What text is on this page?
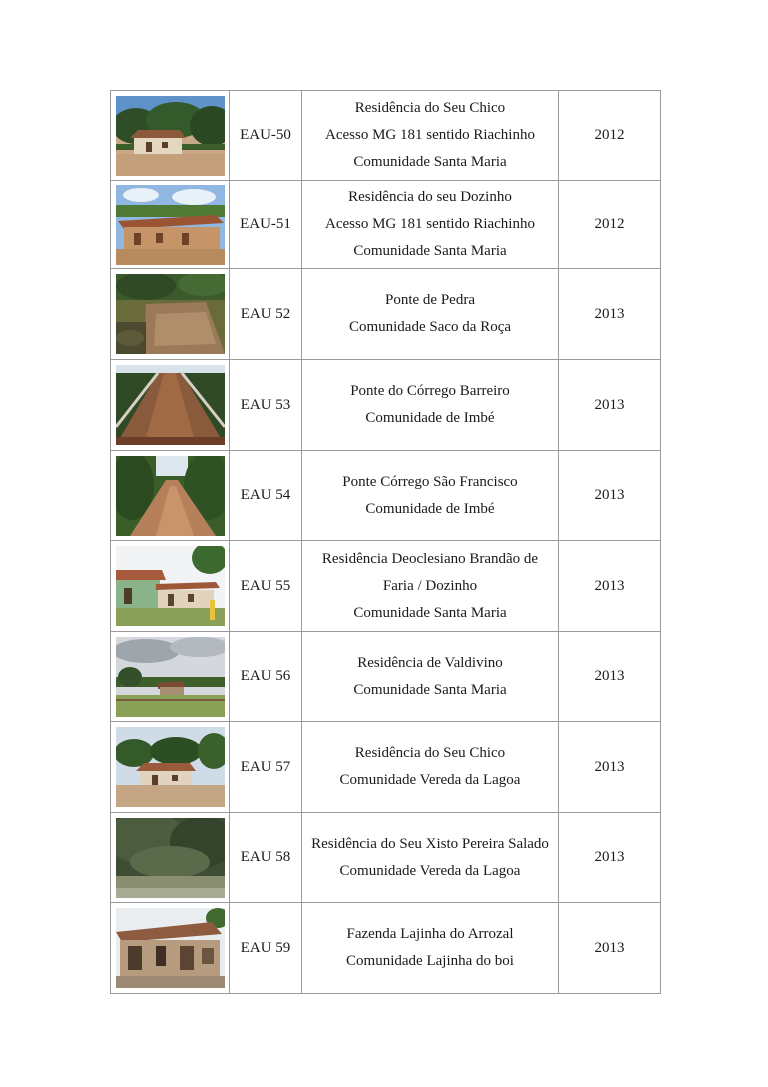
	EAU-50	Residência do Seu Chico
Acesso MG 181 sentido Riachinho
Comunidade Santa Maria	2012

	EAU-51	Residência do seu Dozinho
Acesso MG 181 sentido Riachinho
Comunidade Santa Maria	2012

	EAU 52	Ponte de Pedra
Comunidade Saco da Roça	2013

	EAU 53	Ponte do Córrego Barreiro
Comunidade de Imbé	2013

	EAU 54	Ponte Córrego São Francisco
Comunidade de Imbé	2013

	EAU 55	Residência Deoclesiano Brandão de
Faria / Dozinho
Comunidade Santa Maria	2013

	EAU 56	Residência de Valdivino
Comunidade Santa Maria	2013

	EAU 57	Residência do Seu Chico
Comunidade Vereda da Lagoa	2013

	EAU 58	Residência do Seu Xisto Pereira Salado
Comunidade Vereda da Lagoa	2013

	EAU 59	Fazenda Lajinha do Arrozal
Comunidade Lajinha do boi	2013
